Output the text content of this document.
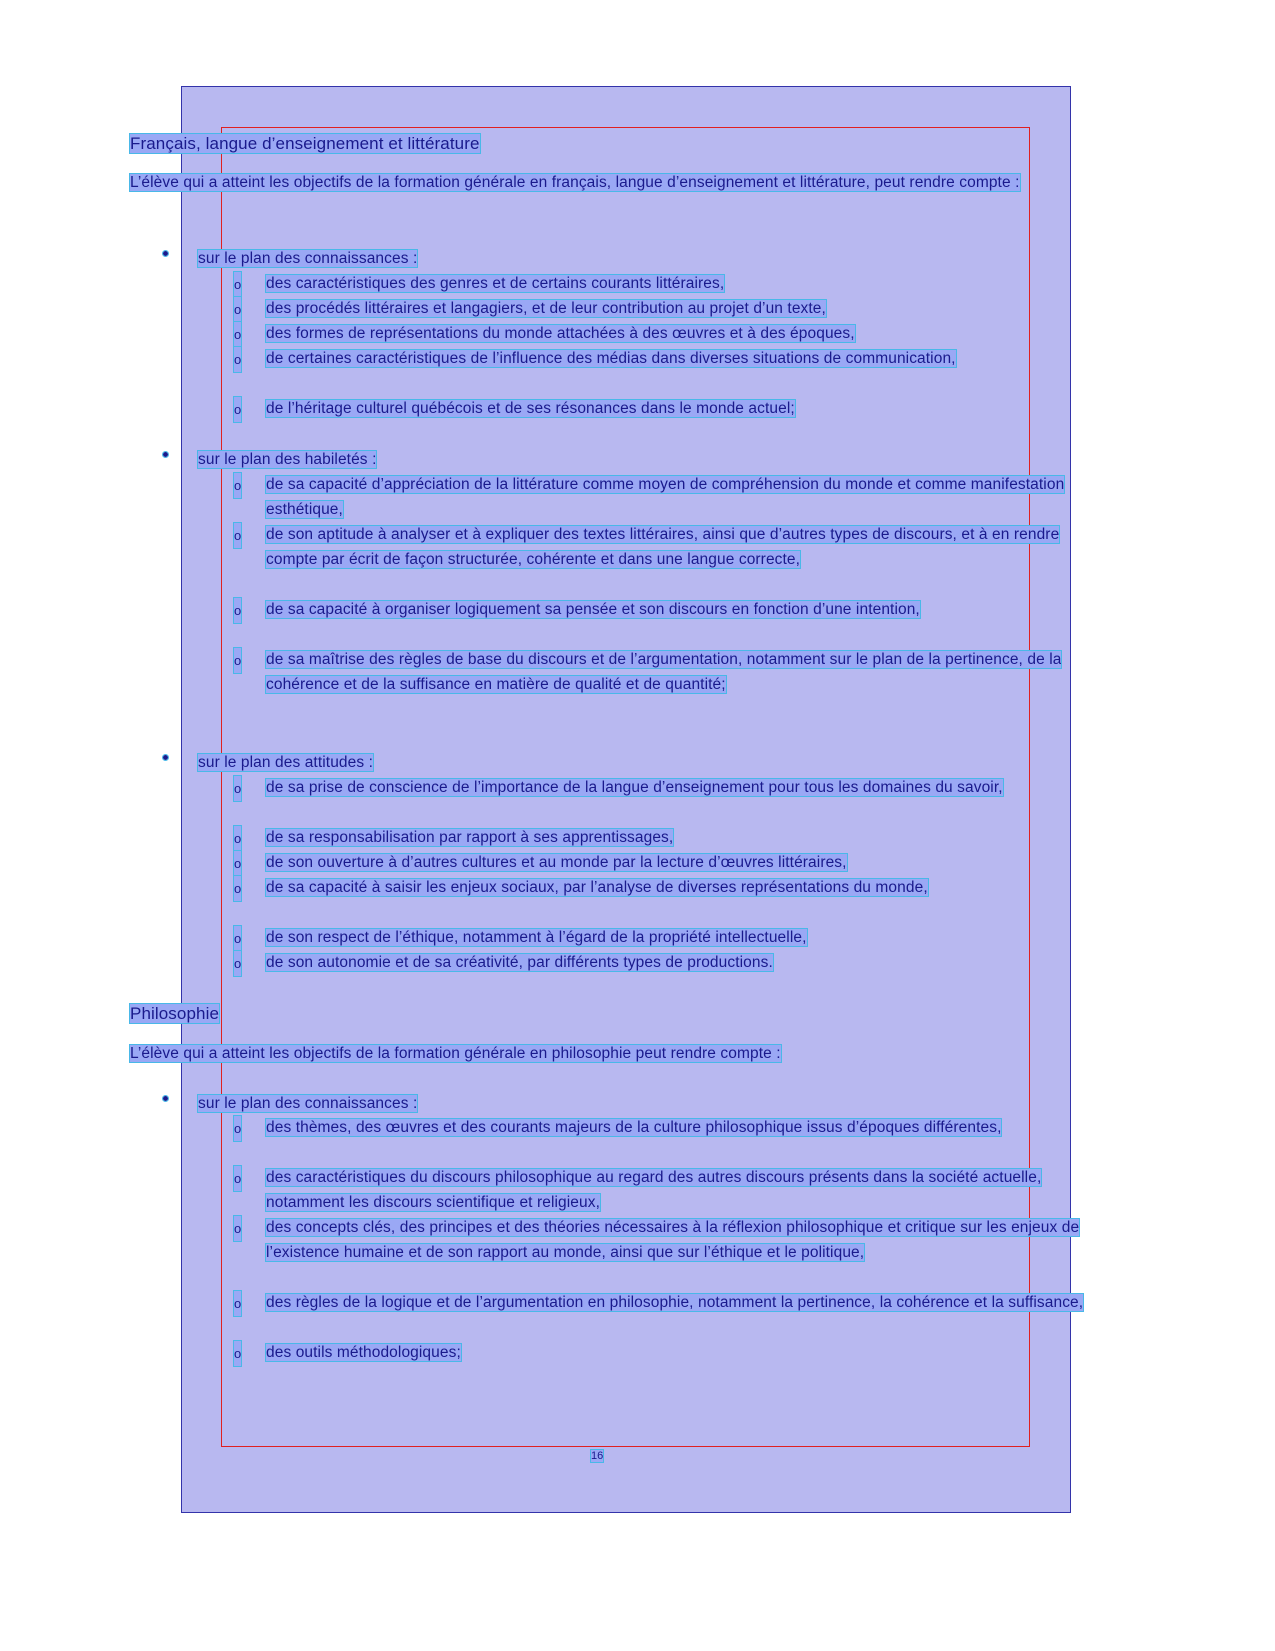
Français, langue d’enseignement et littérature
L’élève qui a atteint les objectifs de la formation générale en français, langue d’enseignement et littérature, peut rendre compte :
sur le plan des connaissances :
o des caractéristiques des genres et de certains courants littéraires,
o des procédés littéraires et langagiers, et de leur contribution au projet d’un texte,
o des formes de représentations du monde attachées à des œuvres et à des époques,
o de certaines caractéristiques de l’influence des médias dans diverses situations de communication,
o de l’héritage culturel québécois et de ses résonances dans le monde actuel;
sur le plan des habiletés :
o de sa capacité d’appréciation de la littérature comme moyen de compréhension du monde et comme manifestation esthétique,
o de son aptitude à analyser et à expliquer des textes littéraires, ainsi que d’autres types de discours, et à en rendre compte par écrit de façon structurée, cohérente et dans une langue correcte,
o de sa capacité à organiser logiquement sa pensée et son discours en fonction d’une intention,
o de sa maîtrise des règles de base du discours et de l’argumentation, notamment sur le plan de la pertinence, de la cohérence et de la suffisance en matière de qualité et de quantité;
sur le plan des attitudes :
o de sa prise de conscience de l’importance de la langue d’enseignement pour tous les domaines du savoir,
o de sa responsabilisation par rapport à ses apprentissages,
o de son ouverture à d’autres cultures et au monde par la lecture d’œuvres littéraires,
o de sa capacité à saisir les enjeux sociaux, par l’analyse de diverses représentations du monde,
o de son respect de l’éthique, notamment à l’égard de la propriété intellectuelle,
o de son autonomie et de sa créativité, par différents types de productions.
Philosophie
L’élève qui a atteint les objectifs de la formation générale en philosophie peut rendre compte :
sur le plan des connaissances :
o des thèmes, des œuvres et des courants majeurs de la culture philosophique issus d’époques différentes,
o des caractéristiques du discours philosophique au regard des autres discours présents dans la société actuelle, notamment les discours scientifique et religieux,
o des concepts clés, des principes et des théories nécessaires à la réflexion philosophique et critique sur les enjeux de l’existence humaine et de son rapport au monde, ainsi que sur l’éthique et le politique,
o des règles de la logique et de l’argumentation en philosophie, notamment la pertinence, la cohérence et la suffisance,
o des outils méthodologiques;
16
